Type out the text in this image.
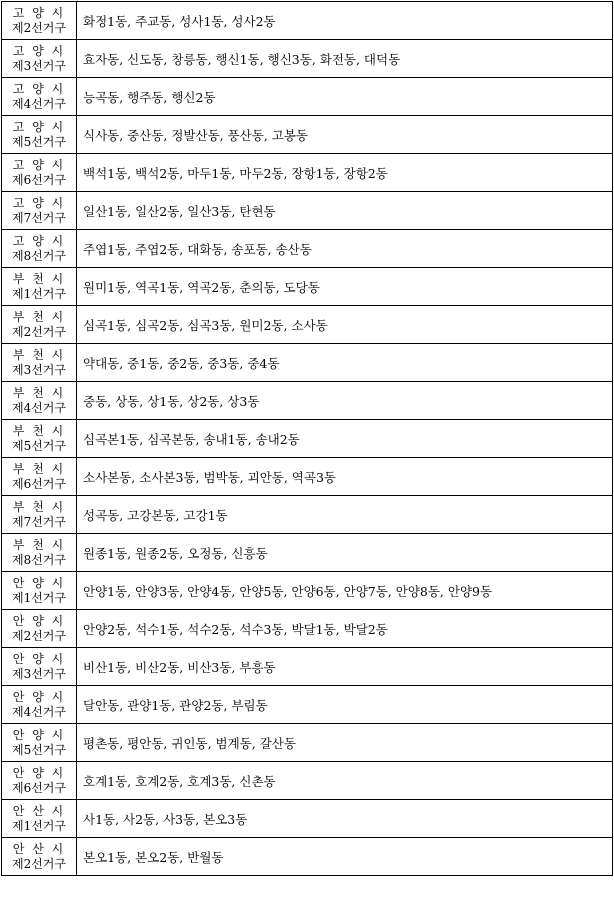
고 양 시
제2선거구	화정1동, 주교동, 성사1동, 성사2동

고 양 시
제3선거구	효자동, 신도동, 창릉동, 행신1동, 행신3동, 화전동, 대덕동

고 양 시
제4선거구	능곡동, 행주동, 행신2동

고 양 시
제5선거구	식사동, 중산동, 정발산동, 풍산동, 고봉동

고 양 시
제6선거구	백석1동, 백석2동, 마두1동, 마두2동, 장항1동, 장항2동

고 양 시
제7선거구	일산1동, 일산2동, 일산3동, 탄현동

고 양 시
제8선거구	주엽1동, 주엽2동, 대화동, 송포동, 송산동

부 천 시
제1선거구	원미1동, 역곡1동, 역곡2동, 춘의동, 도당동

부 천 시
제2선거구	심곡1동, 심곡2동, 심곡3동, 원미2동, 소사동

부 천 시
제3선거구	약대동, 중1동, 중2동, 중3동, 중4동

부 천 시
제4선거구	중동, 상동, 상1동, 상2동, 상3동

부 천 시
제5선거구	심곡본1동, 심곡본동, 송내1동, 송내2동

부 천 시
제6선거구	소사본동, 소사본3동, 범박동, 괴안동, 역곡3동

부 천 시
제7선거구	성곡동, 고강본동, 고강1동

부 천 시
제8선거구	원종1동, 원종2동, 오정동, 신흥동

안 양 시
제1선거구	안양1동, 안양3동, 안양4동, 안양5동, 안양6동, 안양7동, 안양8동, 안양9동

안 양 시
제2선거구	안양2동, 석수1동, 석수2동, 석수3동, 박달1동, 박달2동

안 양 시
제3선거구	비산1동, 비산2동, 비산3동, 부흥동

안 양 시
제4선거구	달안동, 관양1동, 관양2동, 부림동

안 양 시
제5선거구	평촌동, 평안동, 귀인동, 범계동, 갈산동

안 양 시
제6선거구	호계1동, 호계2동, 호계3동, 신촌동

안 산 시
제1선거구	사1동, 사2동, 사3동, 본오3동

안 산 시
제2선거구	본오1동, 본오2동, 반월동
